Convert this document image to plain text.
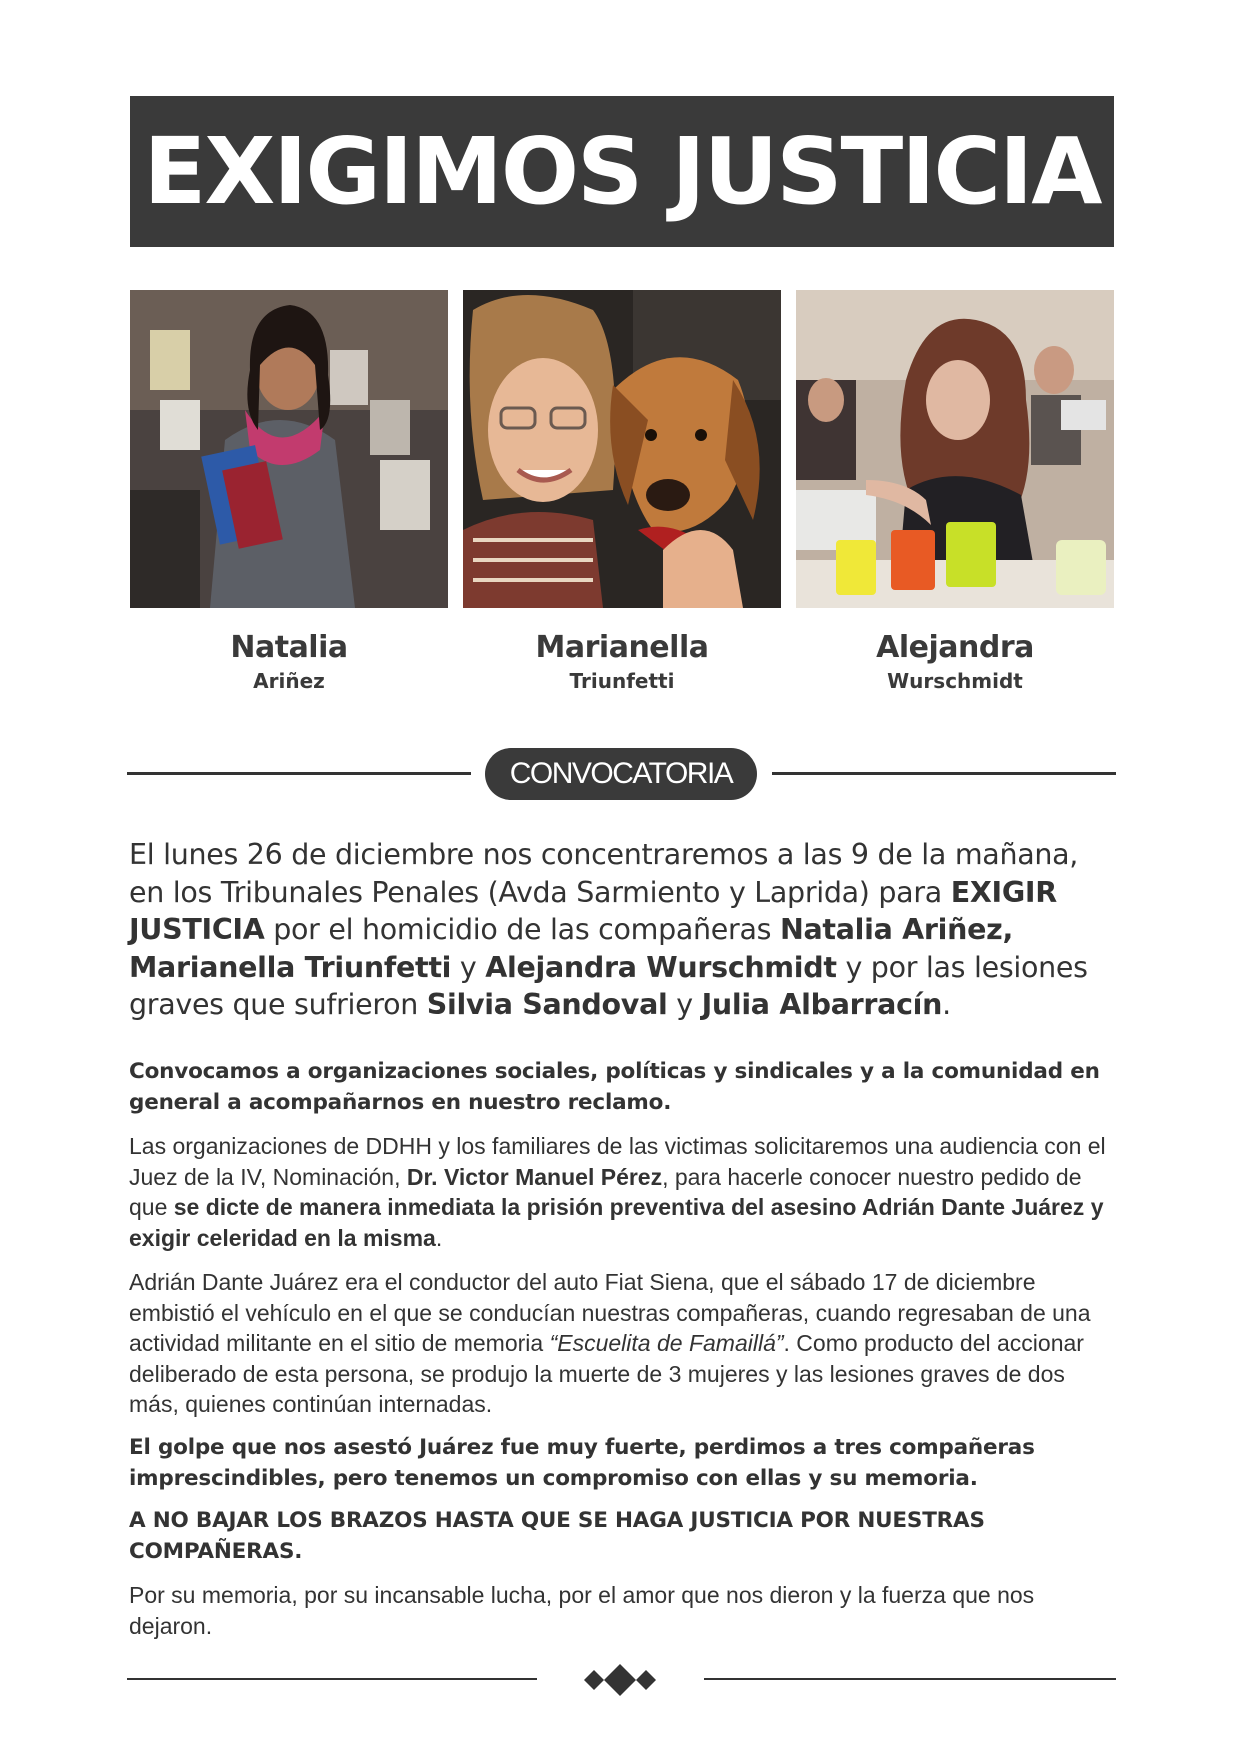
EXIGIMOS JUSTICIA
Natalia
Ariñez
Marianella
Triunfetti
Alejandra
Wurschmidt
CONVOCATORIA
El lunes 26 de diciembre nos concentraremos a las 9 de la mañana, en los Tribunales Penales (Avda Sarmiento y Laprida) para EXIGIR JUSTICIA por el homicidio de las compañeras Natalia Ariñez, Marianella Triunfetti y Alejandra Wurschmidt y por las lesiones graves que sufrieron Silvia Sandoval y Julia Albarracín.
Convocamos a organizaciones sociales, políticas y sindicales y a la comunidad en general a acompañarnos en nuestro reclamo.
Las organizaciones de DDHH y los familiares de las victimas solicitaremos una audiencia con el Juez de la IV, Nominación, Dr. Victor Manuel Pérez, para hacerle conocer nuestro pedido de que se dicte de manera inmediata la prisión preventiva del asesino Adrián Dante Juárez y exigir celeridad en la misma.
Adrián Dante Juárez era el conductor del auto Fiat Siena, que el sábado 17 de diciembre embistió el vehículo en el que se conducían nuestras compañeras, cuando regresaban de una actividad militante en el sitio de memoria “Escuelita de Famaillá”. Como producto del accionar deliberado de esta persona, se produjo la muerte de 3 mujeres y las lesiones graves de dos más, quienes continúan internadas.
El golpe que nos asestó Juárez fue muy fuerte, perdimos a tres compañeras imprescindibles, pero tenemos un compromiso con ellas y su memoria.
A NO BAJAR LOS BRAZOS HASTA QUE SE HAGA JUSTICIA POR NUESTRAS COMPAÑERAS.
Por su memoria, por su incansable lucha, por el amor que nos dieron y la fuerza que nos dejaron.
